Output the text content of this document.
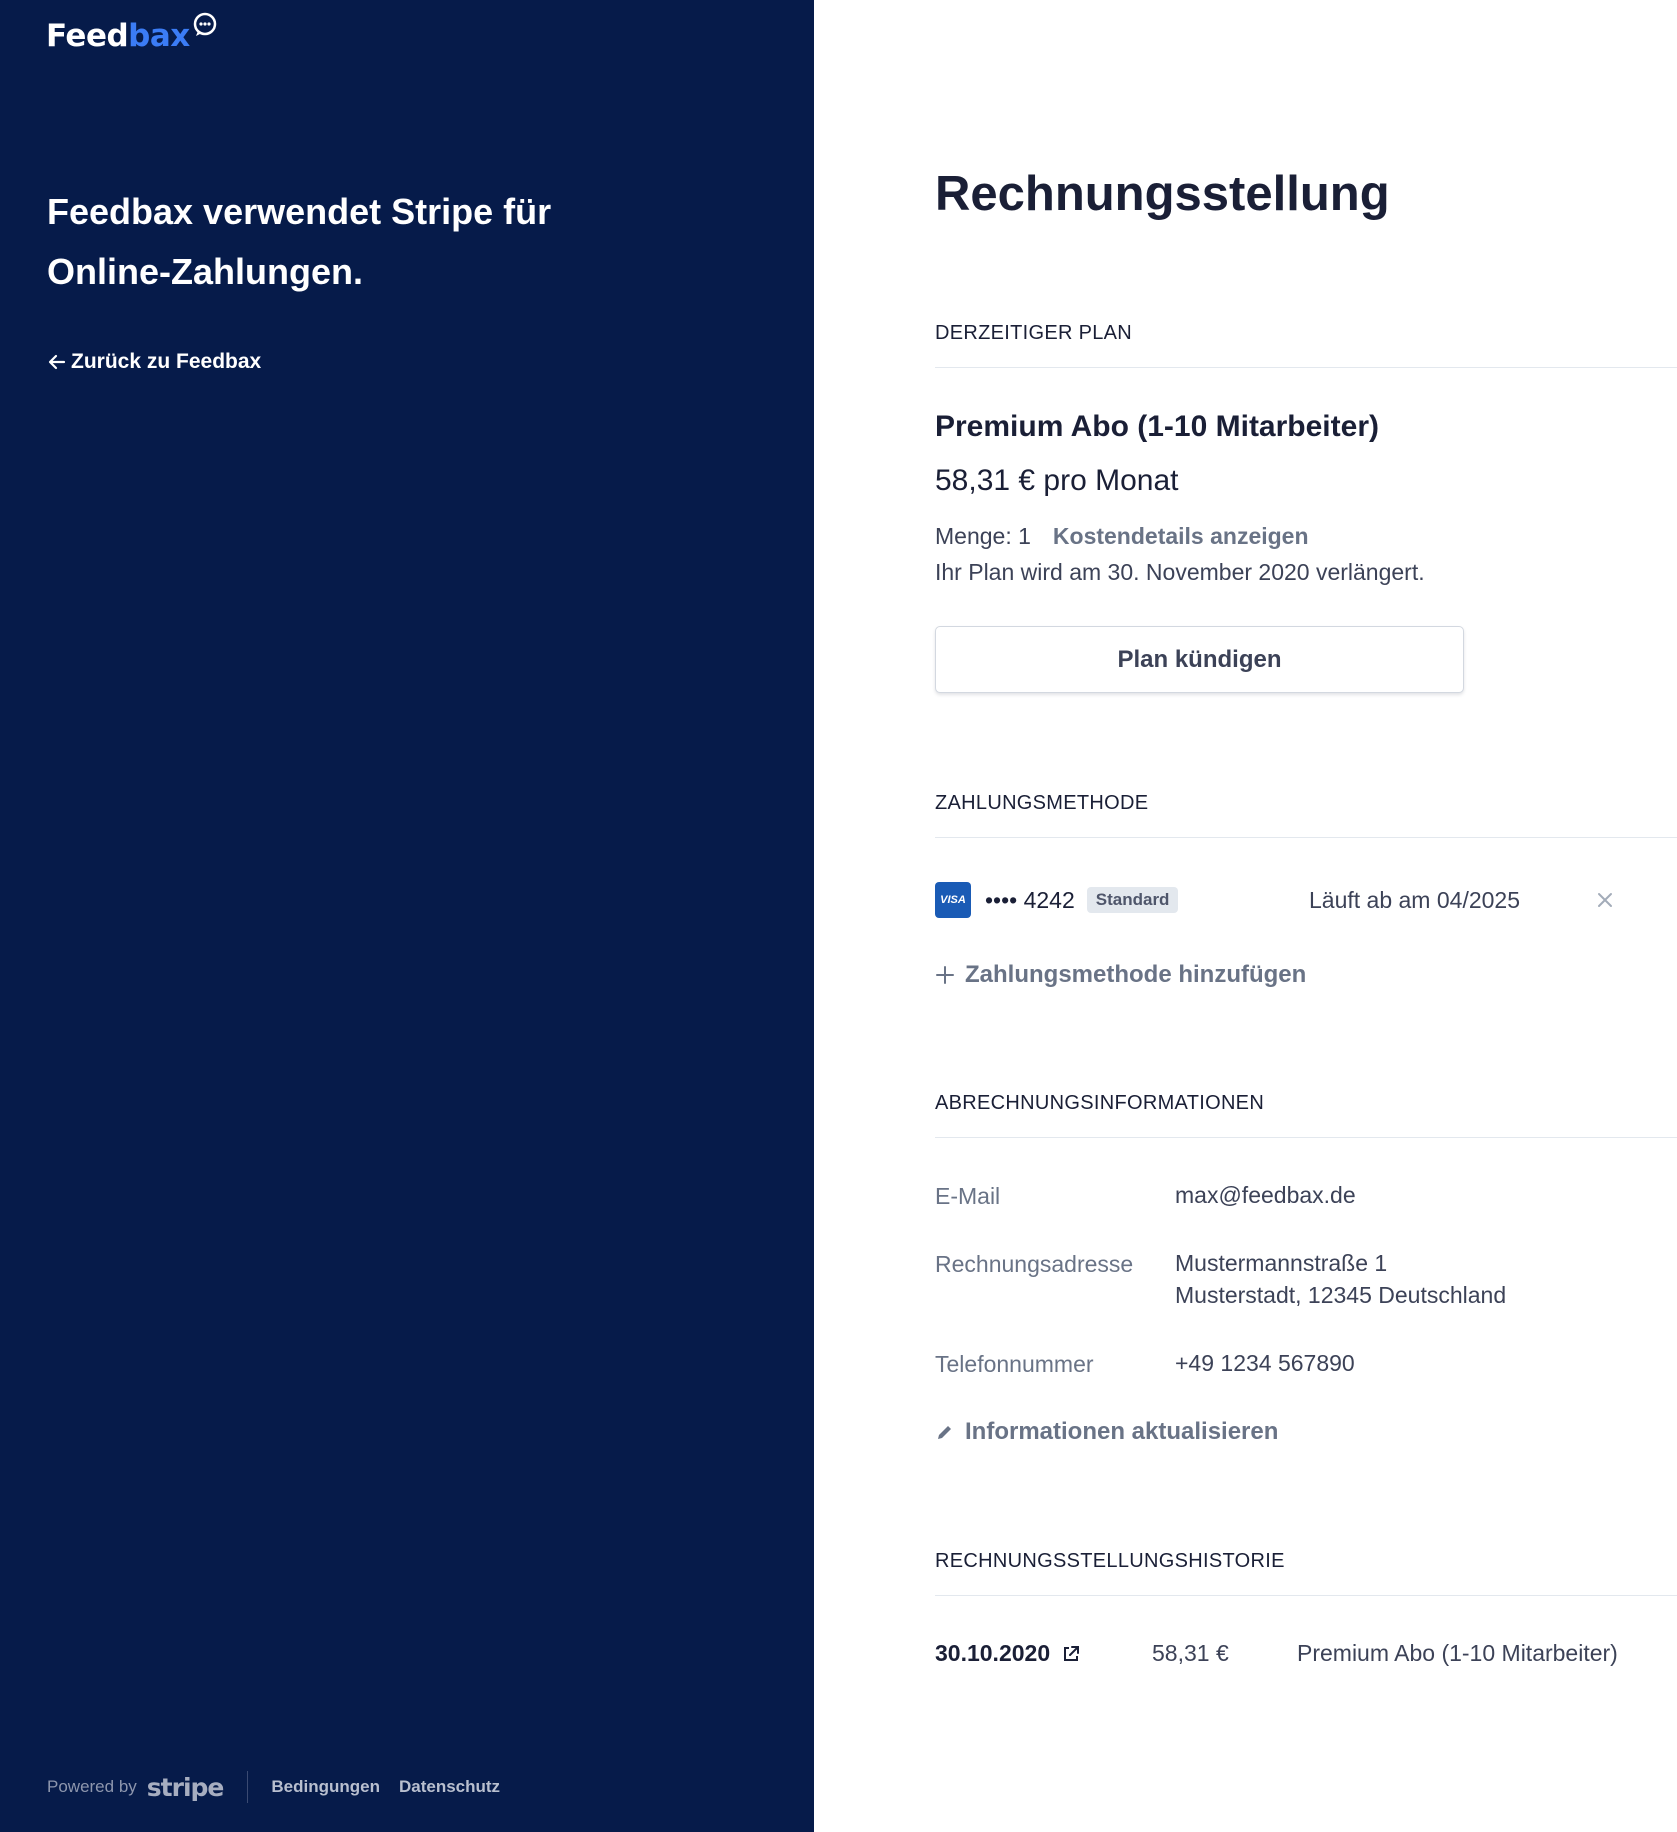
Feed bax
Feedbax verwendet Stripe für Online-Zahlungen.
Zurück zu Feedbax
Powered by stripe	Bedingungen Datenschutz
Rechnungsstellung
DERZEITIGER PLAN
Premium Abo (1-10 Mitarbeiter)
58,31 € pro Monat
Menge: 1 Kostendetails anzeigen
Ihr Plan wird am 30. November 2020 verlängert.
Plan kündigen
ZAHLUNGSMETHODE
VISA •••• 4242	Standard	Läuft ab am 04/2025
Zahlungsmethode hinzufügen
ABRECHNUNGSINFORMATIONEN
E-Mail	max@feedbax.de
Rechnungsadresse Mustermannstraße 1
Musterstadt, 12345 Deutschland
Telefonnummer	+49 1234 567890
Informationen aktualisieren
RECHNUNGSSTELLUNGSHISTORIE
30.10.2020	58,31 €	Premium Abo (1-10 Mitarbeiter)
